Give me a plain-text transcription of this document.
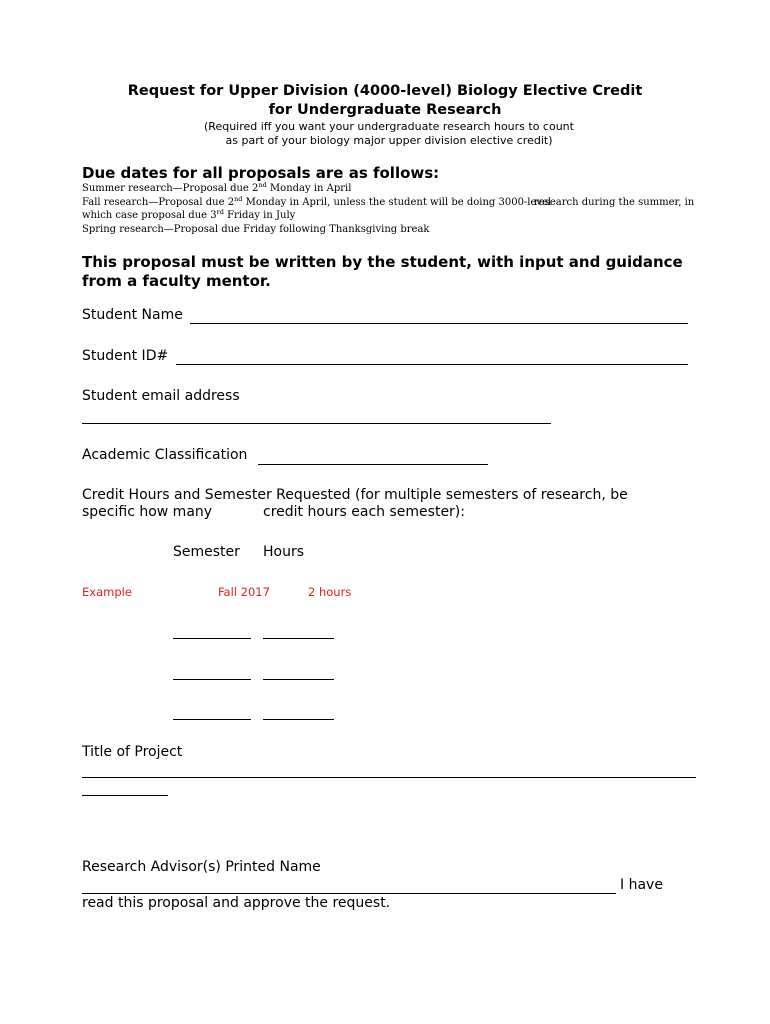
Request for Upper Division (4000-level) Biology Elective Credit
for Undergraduate Research
(Required iff you want your undergraduate research hours to count
as part of your biology major upper division elective credit)
Due dates for all proposals are as follows:
Summer research—Proposal due 2nd Monday in April
Fall research—Proposal due 2nd Monday in April, unless the student will be doing 3000-level
research during the summer, in
which case proposal due 3rd Friday in July
Spring research—Proposal due Friday following Thanksgiving break
This proposal must be written by the student, with input and guidance
from a faculty mentor.
Student Name
Student ID#
Student email address
Academic Classification
Credit Hours and Semester Requested (for multiple semesters of research, be
specific how many	credit hours each semester):
Semester Hours
Example	Fall 2017	2 hours
Title of Project
Research Advisor(s) Printed Name
I have
read this proposal and approve the request.
